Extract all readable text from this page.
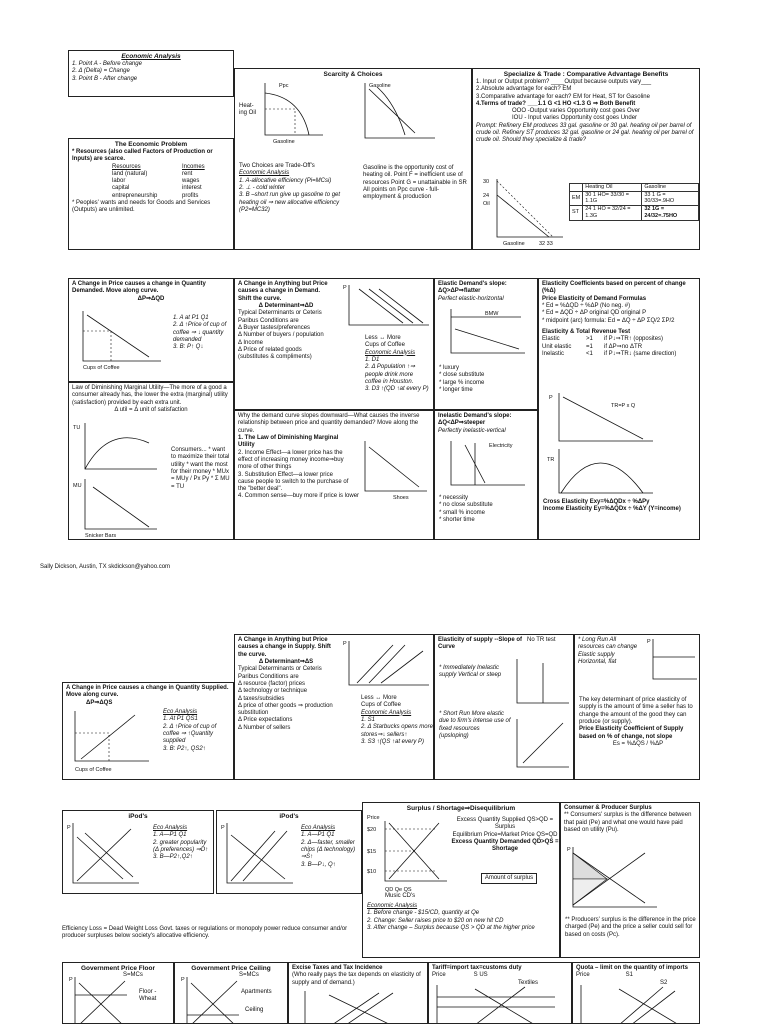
Economic Analysis
1. Point A - Before change
2. Δ (Delta) = Change
3. Point B - After change
The Economic Problem
* Resources (also called Factors of Production or Inputs) are scarce.
Resources	Incomes
land (natural)	rent
labor	wages
capital	interest
entrepreneurship	profits
* Peoples' wants and needs for Goods and Services (Outputs) are unlimited.
Scarcity & Choices
Ppc
Gasoline
Heat-ing Oil
Gasoline
Two Choices are Trade-Off's
Economic Analysis
1. A-allocative efficiency (Pi=MCsi)
2. ⊥ - cold winter
3. B –short run give up gasoline to get heating oil ⇒ new allocative efficiency (P2=MC32)
Gasoline is the opportunity cost of heating oil. Point F = inefficient use of resources Point G = unattainable in SR All points on Ppc curve - full-employment & production
Specialize & Trade : Comparative Advantage Benefits
1. Input or Output problem? ____Output because outputs vary___
2.Absolute advantage for each? EM
3.Comparative advantage for each? EM for Heat, ST for Gasoline
4.Terms of trade? ___1.1 G <1 HO <1.3 G ⇒ Both Benefit
OOO -Output varies Opportunity cost goes Over
IOU - Input varies Opportunity cost goes Under
Prompt: Refinery EM produces 33 gal. gasoline or 30 gal. heating oil per barrel of crude oil. Refinery ST produces 32 gal. gasoline or 24 gal. heating oil per barrel of crude oil. Should they specialize & trade?
30
24
Oil
Gasoline	32 33
	Heating Oil	Gasoline
EM	30 1 HO= 33/30 = 1.1G	33 1 G = 30/33=.9HO
ST	24 1 HO = 32/24 = 1.3G	32 1G = 24/32=.75HO
A Change in Price causes a change in Quantity Demanded. Move along curve.
ΔP⇒ΔQD
Cups of Coffee
1. A at P1 Q1
2. Δ ↑Price of cup of coffee ⇒ ↓ quantity demanded
3. B: P↑ Q↓
Law of Diminishing Marginal Utility—The more of a good a consumer already has, the lower the extra (marginal) utility (satisfaction) provided by each extra unit.
Δ util = Δ unit of satisfaction
TU
MU
Snicker Bars
Consumers... * want to maximize their total utility * want the most for their money * MUx = MUy / Px Py * Σ MU = TU
A Change in Anything but Price causes a change in Demand. Shift the curve.
Δ Determinant⇒ΔD
Typical Determinants or Ceteris Paribus Conditions are
Δ Buyer tastes/preferences
Δ Number of buyers / population
Δ Income
Δ Price of related goods (substitutes & compliments)
P
Less ↔ More
Cups of Coffee
Economic Analysis
1. D1
2. Δ Population ↑⇒ people drink more coffee in Houston.
3. D3 ↑(QD ↑at every P)
Why the demand curve slopes downward—What causes the inverse relationship between price and quantity demanded? Move along the curve.
1. The Law of Diminishing Marginal Utility
2. Income Effect—a lower price has the effect of increasing money income⇒buy more of other things
3. Substitution Effect—a lower price cause people to switch to the purchase of the "better deal".
4. Common sense—buy more if price is lower	Shoes
Elastic Demand's slope: ΔQ>ΔP⇒flatter
Perfect elastic-horizontal
BMW
* luxury
* close substitute
* large % income
* longer time
Inelastic Demand's slope: ΔQ<ΔP⇒steeper
Perfectly inelastic-vertical
Electricity
* necessity
* no close substitute
* small % income
* shorter time
Elasticity Coefficients based on percent of change (%Δ)
Price Elasticity of Demand Formulas
* Ed = %ΔQD ÷ %ΔP (No neg. #)
* Ed = ΔQD ÷ ΔP original QD original P
* midpoint (arc) formula: Ed = ΔQ ÷ ΔP ΣQ/2 ΣP/2
Elasticity & Total Revenue Test
Elastic	>1	if P↓⇒TR↑ (opposites)
Unit elastic	=1	if ΔP⇒no ΔTR
Inelastic	<1	if P↓⇒TR↓ (same direction)
P
TR
TR=P x Q
Cross Elasticity Exy=%ΔQDx ÷ %ΔPy
Income Elasticity Ey=%ΔQDx ÷ %ΔY (Y=income)
Sally Dickson, Austin, TX skdickson@yahoo.com
A Change in Price causes a change in Quantity Supplied. Move along curve.
ΔP⇒ΔQS
Cups of Coffee
Eco Analysis
1. At P1 QS1
2. Δ ↑Price of cup of coffee ⇒ ↑Quantity supplied
3. B: P2↑, QS2↑
A Change in Anything but Price causes a change in Supply. Shift the curve.
Δ Determinant⇒ΔS
Typical Determinants or Ceteris Paribus Conditions are
Δ resource (factor) prices
Δ technology or technique
Δ taxes/subsidies
Δ price of other goods ⇒ production substitution
Δ Price expectations
Δ Number of sellers
P
Less ↔ More
Cups of Coffee
Economic Analysis
1. S1
2. Δ Starbucks opens more stores⇒↓ sellers↑
3. S3 ↑(QS ↑at every P)
Elasticity of supply --Slope of Curve
No TR test
* Immediately Inelastic supply Vertical or steep
* Short Run More elastic due to firm's intense use of fixed resources (upsloping)
* Long Run All resources can change Elastic supply Horizontal, flat
P
The key determinant of price elasticity of supply is the amount of time a seller has to change the amount of the good they can produce (or supply).
Price Elasticity Coefficient of Supply based on % of change, not slope
Es = %ΔQS / %ΔP
iPod's
P	Eco Analysis
1. A—P1 Q1
2. greater popularity (Δ preferences) ⇒D↑
3. B—P2↑,Q2↑
iPod's
P	Eco Analysis
1. A—P1 Q1
2. Δ—faster, smaller chips (Δ technology) ⇒S↑
3. B—P↓, Q↑
Efficiency Loss = Dead Weight Loss Govt. taxes or regulations or monopoly power reduce consumer and/or producer surpluses below society's allocative efficiency.
Surplus / Shortage⇒Disequilibrium
Price
$20
$15
$10
QD Qe QS
Excess Quantity Supplied QS>QD = Surplus
Equilibrium Price=Market Price QS=QD
Excess Quantity Demanded QD>QS = Shortage
Music CD's
Amount of surplus
Economic Analysis
1. Before change - $15/CD, quantity at Qe
2. Change: Seller raises price to $20 on new hit CD
3. After change – Surplus because QS > QD at the higher price
Consumer & Producer Surplus
** Consumers' surplus is the difference between that paid (Pe) and what one would have paid based on utility (Pu).
P
** Producers' surplus is the difference in the price charged (Pe) and the price a seller could sell for based on costs (Pc).
Government Price Floor
S=MCs
P
Floor - Wheat
Government Price Ceiling
S=MCs
P
Apartments
Ceiling
Excise Taxes and Tax Incidence
(Who really pays the tax depends on elasticity of supply and of demand.)
Tariff=import tax=customs duty
Price	S US
Textiles
Quota – limit on the quantity of imports
Price	S1
S2
